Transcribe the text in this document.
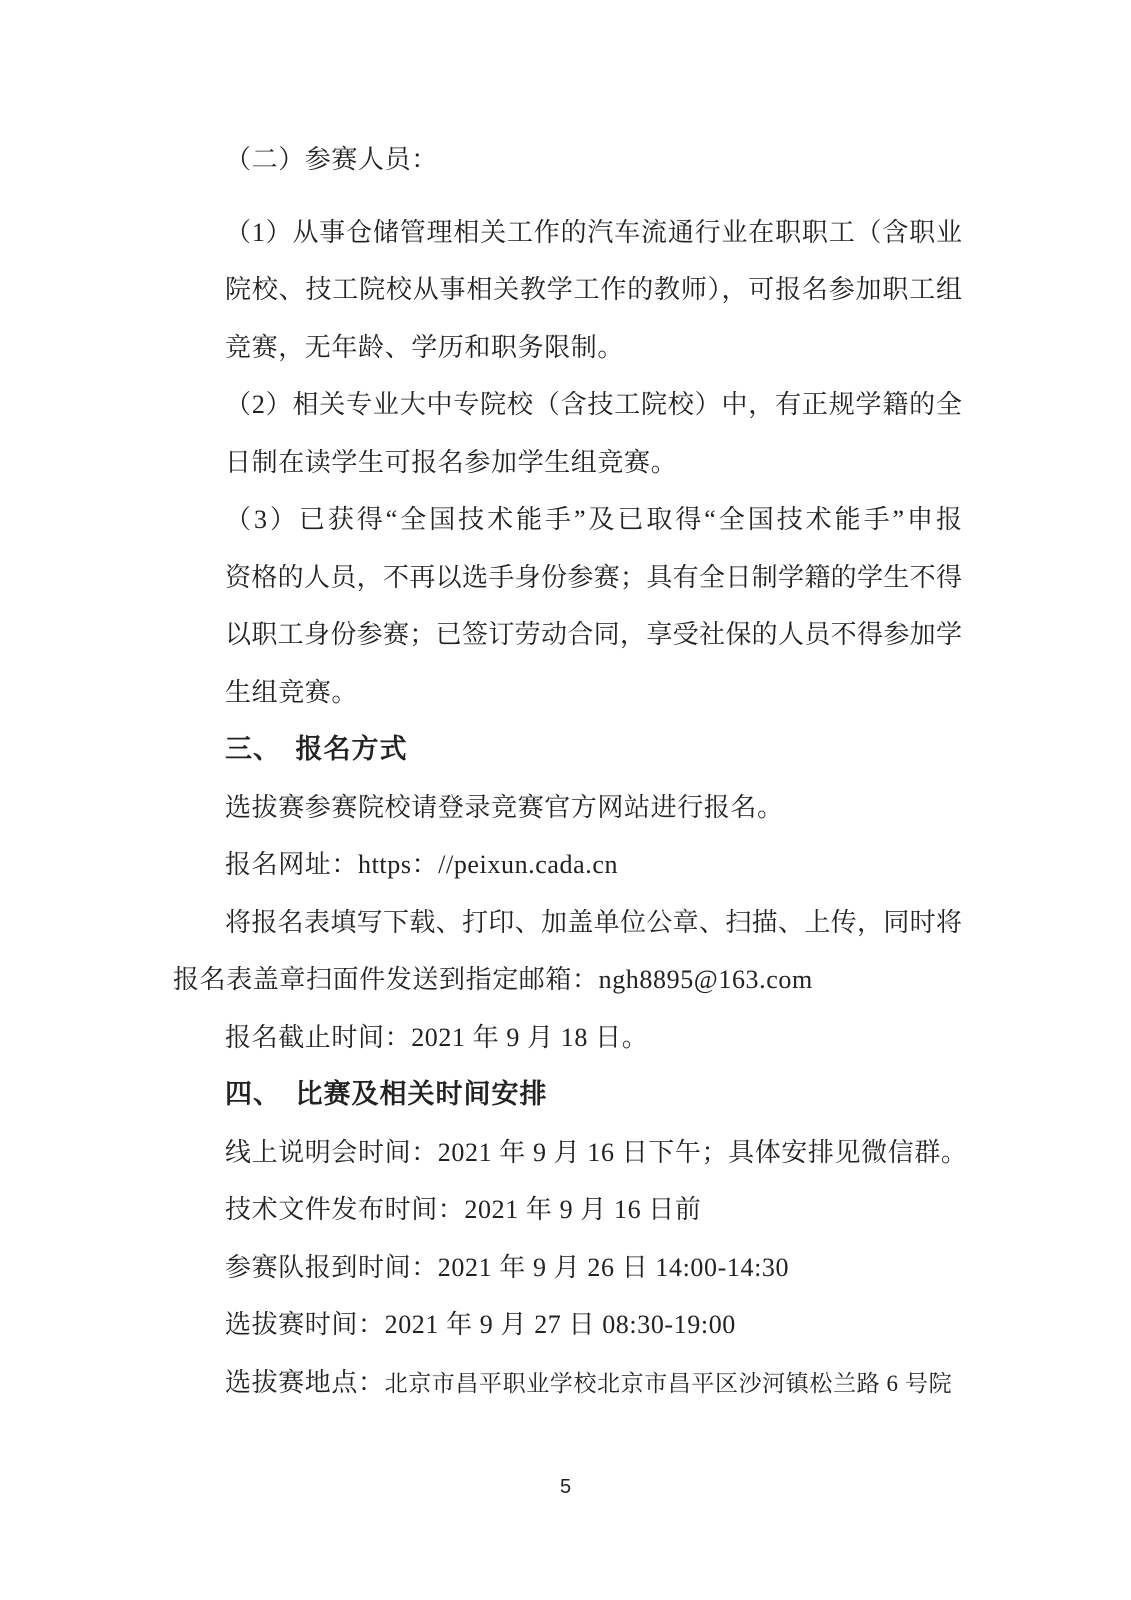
（二）参赛人员：
（1）从事仓储管理相关工作的汽车流通行业在职职工（含职业
院校、技工院校从事相关教学工作的教师），可报名参加职工组
竞赛，无年龄、学历和职务限制。
（2）相关专业大中专院校（含技工院校）中，有正规学籍的全
日制在读学生可报名参加学生组竞赛。
（3）已获得“全国技术能手”及已取得“全国技术能手”申报
资格的人员，不再以选手身份参赛；具有全日制学籍的学生不得
以职工身份参赛；已签订劳动合同，享受社保的人员不得参加学
生组竞赛。
三、　报名方式
选拔赛参赛院校请登录竞赛官方网站进行报名。
报名网址：https：//peixun.cada.cn
将报名表填写下载、打印、加盖单位公章、扫描、上传，同时将
报名表盖章扫面件发送到指定邮箱：ngh8895@163.com
报名截止时间：2021 年 9 月 18 日。
四、　比赛及相关时间安排
线上说明会时间：2021 年 9 月 16 日下午；具体安排见微信群。
技术文件发布时间：2021 年 9 月 16 日前
参赛队报到时间：2021 年 9 月 26 日 14:00-14:30
选拔赛时间：2021 年 9 月 27 日 08:30-19:00
选拔赛地点：北京市昌平职业学校北京市昌平区沙河镇松兰路 6 号院
5
